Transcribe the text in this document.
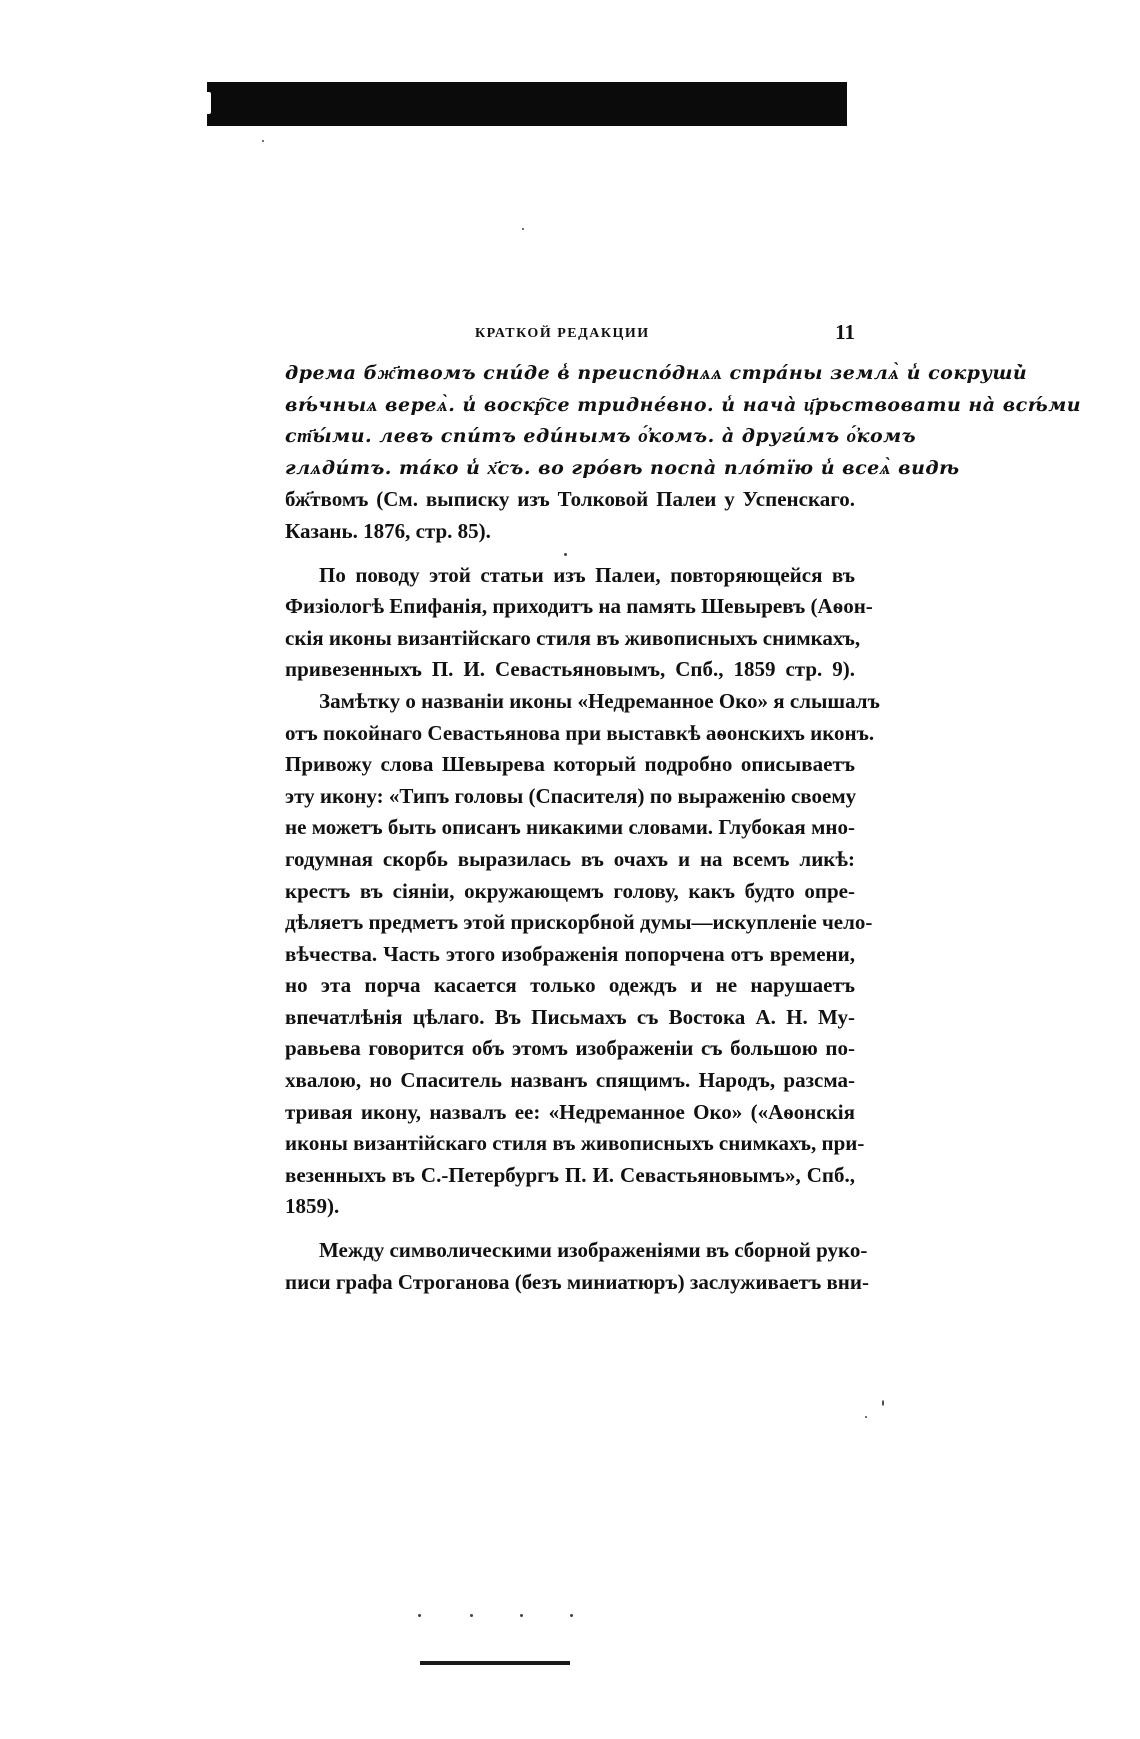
КРАТКОЙ РЕДАКЦИИ	11
дрема бж҃твомъ сни́де в̾ преиспо́днѧѧ стра́ны землѧ̀ и̾ сокруши̇̀
вѣ́чныѧ вереѧ̀. и̾ воскр҇се тридне́вно. и̾ нача̀ ц҃рьствовати на̀ всѣ́ми
ст҃ы́ми. левъ спи́тъ еди́нымъ о҆́комъ. а̀ други́мъ о҆́комъ
глѧди́тъ. та́ко и̾ х҃съ. во гро́вѣ поспа̀ пло́тїю и̾ всеѧ̀ видѣ
бж҃твомъ (См. выписку изъ Толковой Палеи у Успенскаго.
Казань. 1876, стр. 85).
По поводу этой статьи изъ Палеи, повторяющейся въ
Физiологѣ Епифанiя, приходитъ на память Шевыревъ (Аѳон-
скiя иконы византiйскаго стиля въ живописныхъ снимкахъ,
привезенныхъ П. И. Севастьяновымъ, Спб., 1859 стр. 9).
Замѣтку о названiи иконы «Недреманное Око» я слышалъ
отъ покойнаго Севастьянова при выставкѣ аѳонскихъ иконъ.
Привожу слова Шевырева который подробно описываетъ
эту икону: «Типъ головы (Спасителя) по выраженiю своему
не можетъ быть описанъ никакими словами. Глубокая мно-
годумная скорбь выразилась въ очахъ и на всемъ ликѣ:
крестъ въ сiянiи, окружающемъ голову, какъ будто опре-
дѣляетъ предметъ этой прискорбной думы—искупленiе чело-
вѣчества. Часть этого изображенiя попорчена отъ времени,
но эта порча касается только одеждъ и не нарушаетъ
впечатлѣнiя цѣлаго. Въ Письмахъ съ Востока А. Н. Му-
равьева говорится объ этомъ изображенiи съ большою по-
хвалою, но Спаситель названъ спящимъ. Народъ, разсма-
тривая икону, назвалъ ее: «Недреманное Око» («Аѳонскiя
иконы византiйскаго стиля въ живописныхъ снимкахъ, при-
везенныхъ въ С.-Петербургъ П. И. Севастьяновымъ», Спб.,
1859).
Между символическими изображенiями въ сборной руко-
писи графа Строганова (безъ миниатюръ) заслуживаетъ вни-
